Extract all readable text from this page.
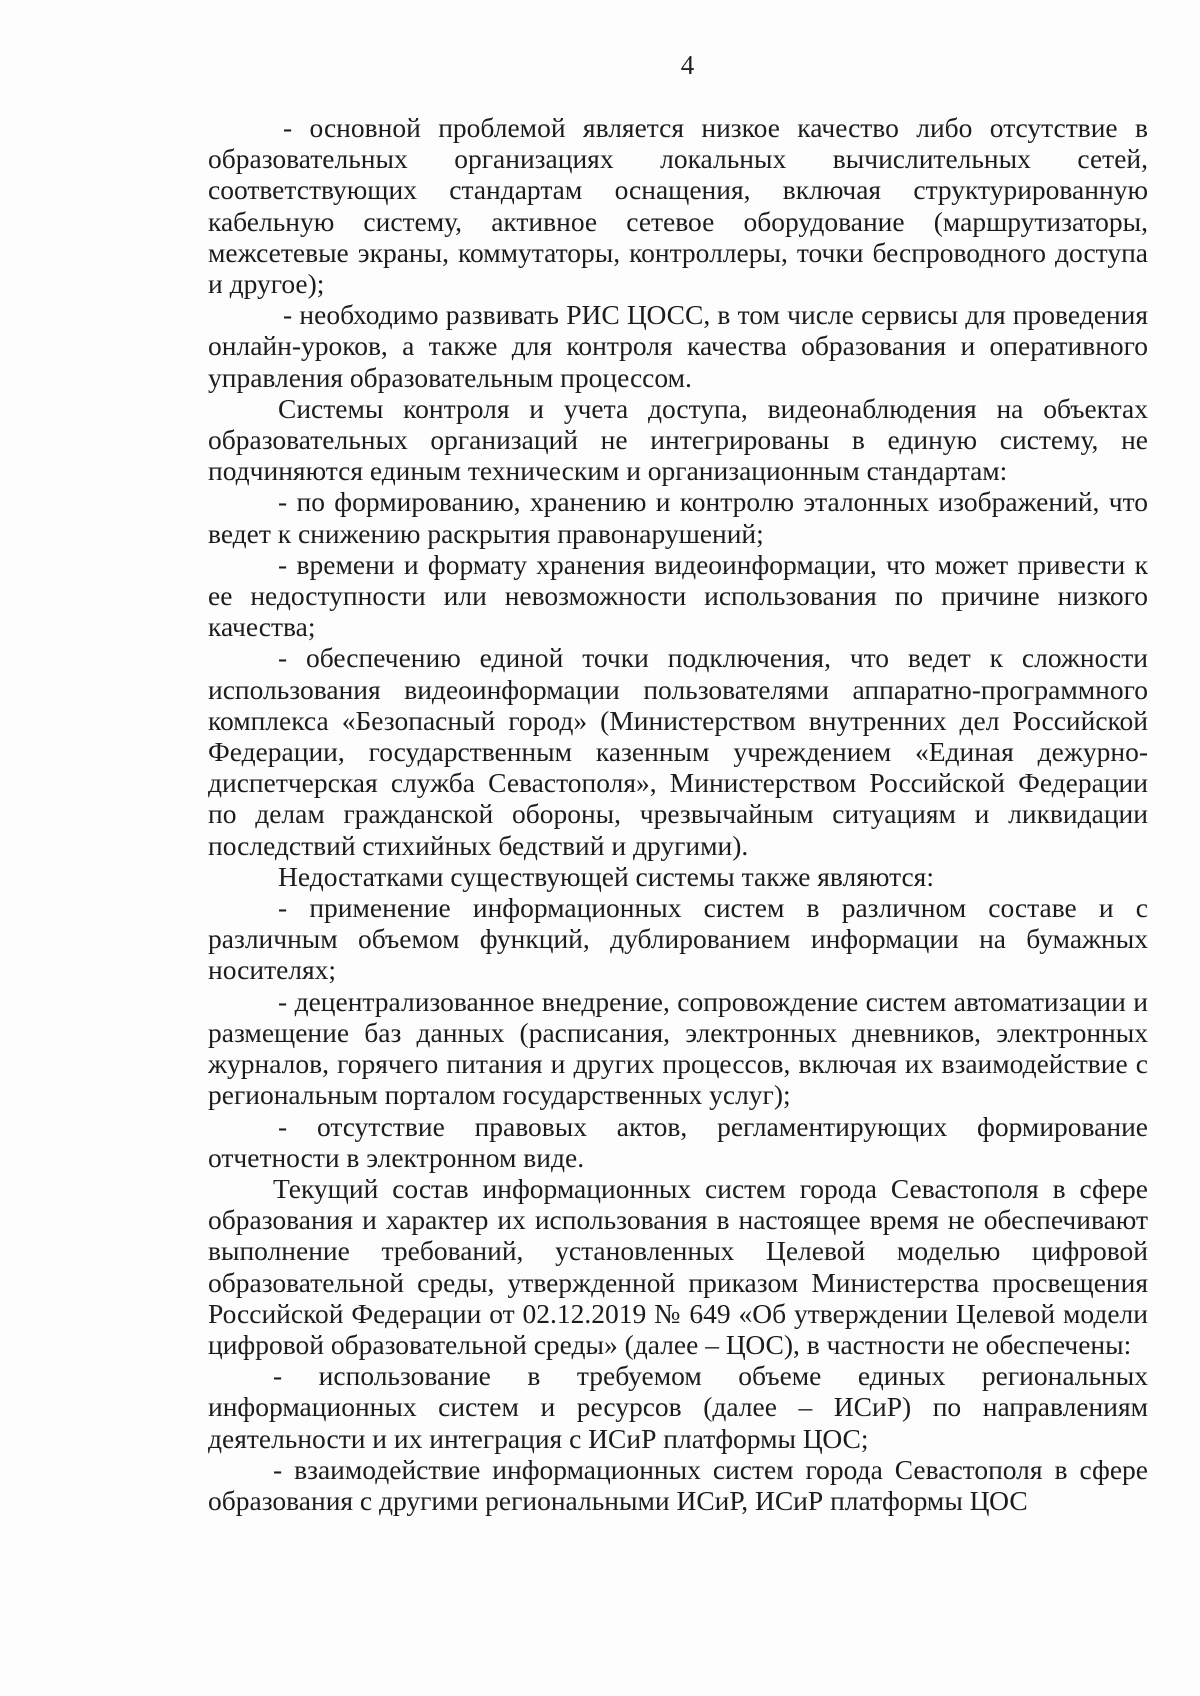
4

- основной проблемой является низкое качество либо отсутствие в образовательных организациях локальных вычислительных сетей, соответствующих стандартам оснащения, включая структурированную кабельную систему, активное сетевое оборудование (маршрутизаторы, межсетевые экраны, коммутаторы, контроллеры, точки беспроводного доступа и другое);

- необходимо развивать РИС ЦОСС, в том числе сервисы для проведения онлайн-уроков, а также для контроля качества образования и оперативного управления образовательным процессом.

Системы контроля и учета доступа, видеонаблюдения на объектах образовательных организаций не интегрированы в единую систему, не подчиняются единым техническим и организационным стандартам:

- по формированию, хранению и контролю эталонных изображений, что ведет к снижению раскрытия правонарушений;

- времени и формату хранения видеоинформации, что может привести к ее недоступности или невозможности использования по причине низкого качества;

- обеспечению единой точки подключения, что ведет к сложности использования видеоинформации пользователями аппаратно-программного комплекса «Безопасный город» (Министерством внутренних дел Российской Федерации, государственным казенным учреждением «Единая дежурно-диспетчерская служба Севастополя», Министерством Российской Федерации по делам гражданской обороны, чрезвычайным ситуациям и ликвидации последствий стихийных бедствий и другими).

Недостатками существующей системы также являются:

- применение информационных систем в различном составе и с различным объемом функций, дублированием информации на бумажных носителях;

- децентрализованное внедрение, сопровождение систем автоматизации и размещение баз данных (расписания, электронных дневников, электронных журналов, горячего питания и других процессов, включая их взаимодействие с региональным порталом государственных услуг);

- отсутствие правовых актов, регламентирующих формирование отчетности в электронном виде.

Текущий состав информационных систем города Севастополя в сфере образования и характер их использования в настоящее время не обеспечивают выполнение требований, установленных Целевой моделью цифровой образовательной среды, утвержденной приказом Министерства просвещения Российской Федерации от 02.12.2019 № 649 «Об утверждении Целевой модели цифровой образовательной среды» (далее – ЦОС), в частности не обеспечены:

- использование в требуемом объеме единых региональных информационных систем и ресурсов (далее – ИСиР) по направлениям деятельности и их интеграция с ИСиР платформы ЦОС;

- взаимодействие информационных систем города Севастополя в сфере образования с другими региональными ИСиР, ИСиР платформы ЦОС
